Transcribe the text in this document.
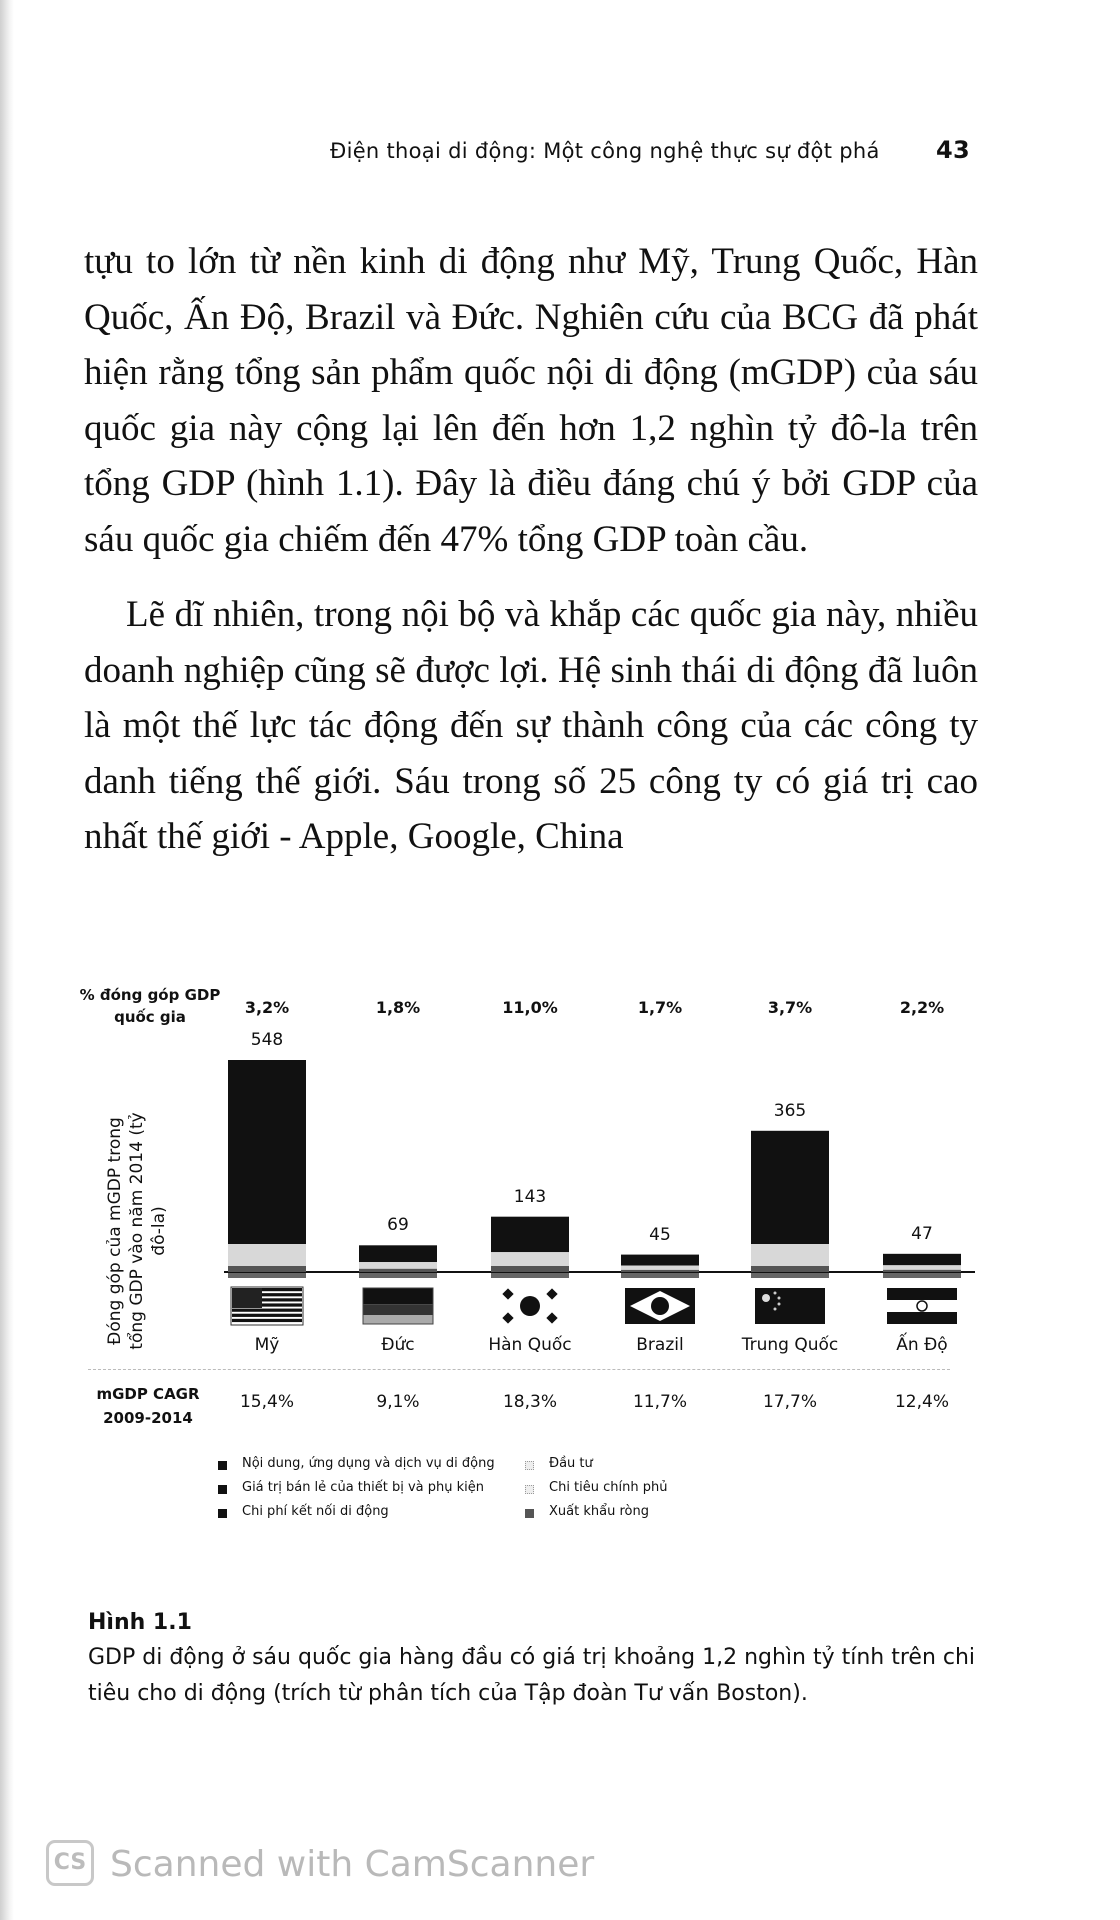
Điện thoại di động: Một công nghệ thực sự đột phá 43

tựu to lớn từ nền kinh di động như Mỹ, Trung Quốc, Hàn Quốc, Ấn Độ, Brazil và Đức. Nghiên cứu của BCG đã phát hiện rằng tổng sản phẩm quốc nội di động (mGDP) của sáu quốc gia này cộng lại lên đến hơn 1,2 nghìn tỷ đô-la trên tổng GDP (hình 1.1). Đây là điều đáng chú ý bởi GDP của sáu quốc gia chiếm đến 47% tổng GDP toàn cầu.

Lẽ dĩ nhiên, trong nội bộ và khắp các quốc gia này, nhiều doanh nghiệp cũng sẽ được lợi. Hệ sinh thái di động đã luôn là một thế lực tác động đến sự thành công của các công ty danh tiếng thế giới. Sáu trong số 25 công ty có giá trị cao nhất thế giới - Apple, Google, China

% đóng góp GDP quốc gia
Đóng góp của mGDP trong tổng GDP vào năm 2014 (tỷ đô-la)
mGDP CAGR 2009-2014
Nội dung, ứng dụng và dịch vụ di động
Giá trị bán lẻ của thiết bị và phụ kiện
Chi phí kết nối di động
Đầu tư
Chi tiêu chính phủ
Xuất khẩu ròng
3,2%	1,8%	11,0%	1,7%	3,7%	2,2%
548
69
143
45
365
47
Mỹ	Đức	Hàn Quốc	Brazil	Trung Quốc	Ấn Độ
15,4%	9,1%	18,3%	11,7%	17,7%	12,4%
Hình 1.1
GDP di động ở sáu quốc gia hàng đầu có giá trị khoảng 1,2 nghìn tỷ tính trên chi tiêu cho di động (trích từ phân tích của Tập đoàn Tư vấn Boston).
CS Scanned with CamScanner
